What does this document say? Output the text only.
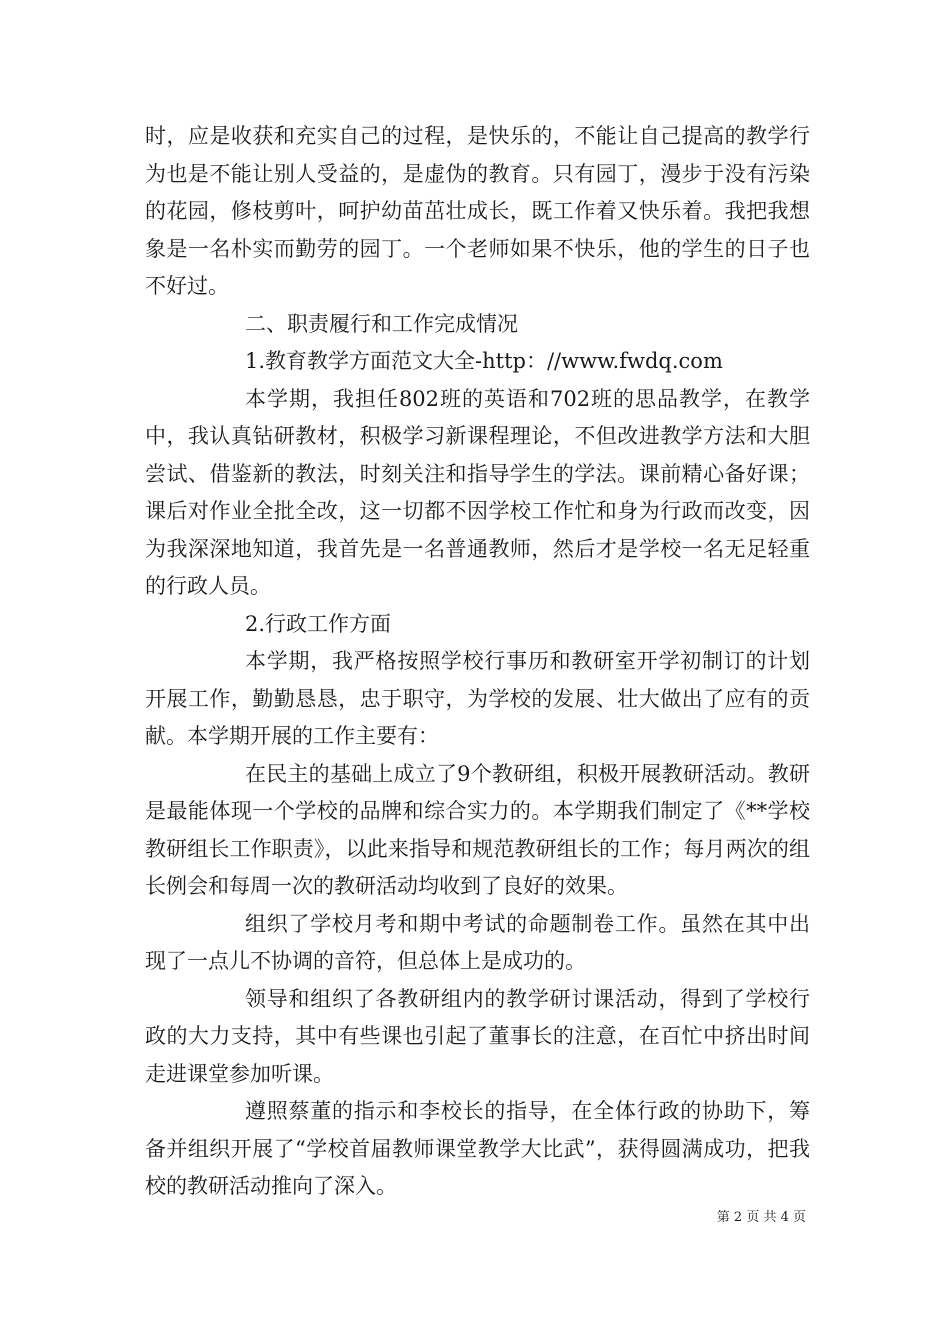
时，应是收获和充实自己的过程，是快乐的，不能让自己提高的教学行为也是不能让别人受益的，是虚伪的教育。只有园丁，漫步于没有污染的花园，修枝剪叶，呵护幼苗茁壮成长，既工作着又快乐着。我把我想象是一名朴实而勤劳的园丁。一个老师如果不快乐，他的学生的日子也不好过。

二、职责履行和工作完成情况

1.教育教学方面范文大全-http：//www.fwdq.com

本学期，我担任802班的英语和702班的思品教学，在教学中，我认真钻研教材，积极学习新课程理论，不但改进教学方法和大胆尝试、借鉴新的教法，时刻关注和指导学生的学法。课前精心备好课；课后对作业全批全改，这一切都不因学校工作忙和身为行政而改变，因为我深深地知道，我首先是一名普通教师，然后才是学校一名无足轻重的行政人员。

2.行政工作方面

本学期，我严格按照学校行事历和教研室开学初制订的计划开展工作，勤勤恳恳，忠于职守，为学校的发展、壮大做出了应有的贡献。本学期开展的工作主要有：

在民主的基础上成立了9个教研组，积极开展教研活动。教研是最能体现一个学校的品牌和综合实力的。本学期我们制定了《**学校教研组长工作职责》，以此来指导和规范教研组长的工作；每月两次的组长例会和每周一次的教研活动均收到了良好的效果。

组织了学校月考和期中考试的命题制卷工作。虽然在其中出现了一点儿不协调的音符，但总体上是成功的。

领导和组织了各教研组内的教学研讨课活动，得到了学校行政的大力支持，其中有些课也引起了董事长的注意，在百忙中挤出时间走进课堂参加听课。

遵照蔡董的指示和李校长的指导，在全体行政的协助下，筹备并组织开展了“学校首届教师课堂教学大比武”，获得圆满成功，把我校的教研活动推向了深入。

第 2 页 共 4 页
